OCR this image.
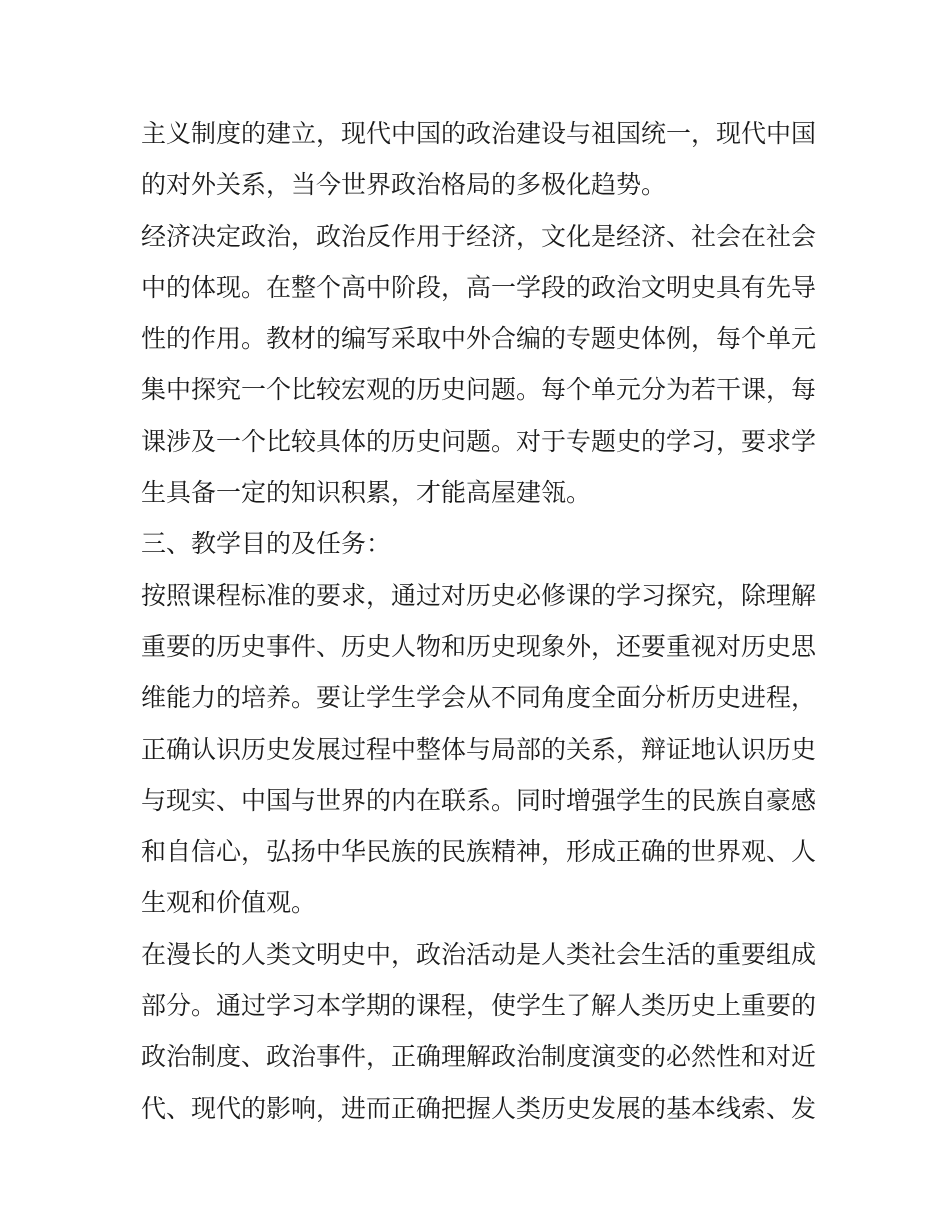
主义制度的建立，现代中国的政治建设与祖国统一，现代中国
的对外关系，当今世界政治格局的多极化趋势。
经济决定政治，政治反作用于经济，文化是经济、社会在社会
中的体现。在整个高中阶段，高一学段的政治文明史具有先导
性的作用。教材的编写采取中外合编的专题史体例，每个单元
集中探究一个比较宏观的历史问题。每个单元分为若干课，每
课涉及一个比较具体的历史问题。对于专题史的学习，要求学
生具备一定的知识积累，才能高屋建瓴。
三、教学目的及任务：
按照课程标准的要求，通过对历史必修课的学习探究，除理解
重要的历史事件、历史人物和历史现象外，还要重视对历史思
维能力的培养。要让学生学会从不同角度全面分析历史进程，
正确认识历史发展过程中整体与局部的关系，辩证地认识历史
与现实、中国与世界的内在联系。同时增强学生的民族自豪感
和自信心，弘扬中华民族的民族精神，形成正确的世界观、人
生观和价值观。
在漫长的人类文明史中，政治活动是人类社会生活的重要组成
部分。通过学习本学期的课程，使学生了解人类历史上重要的
政治制度、政治事件，正确理解政治制度演变的必然性和对近
代、现代的影响，进而正确把握人类历史发展的基本线索、发
